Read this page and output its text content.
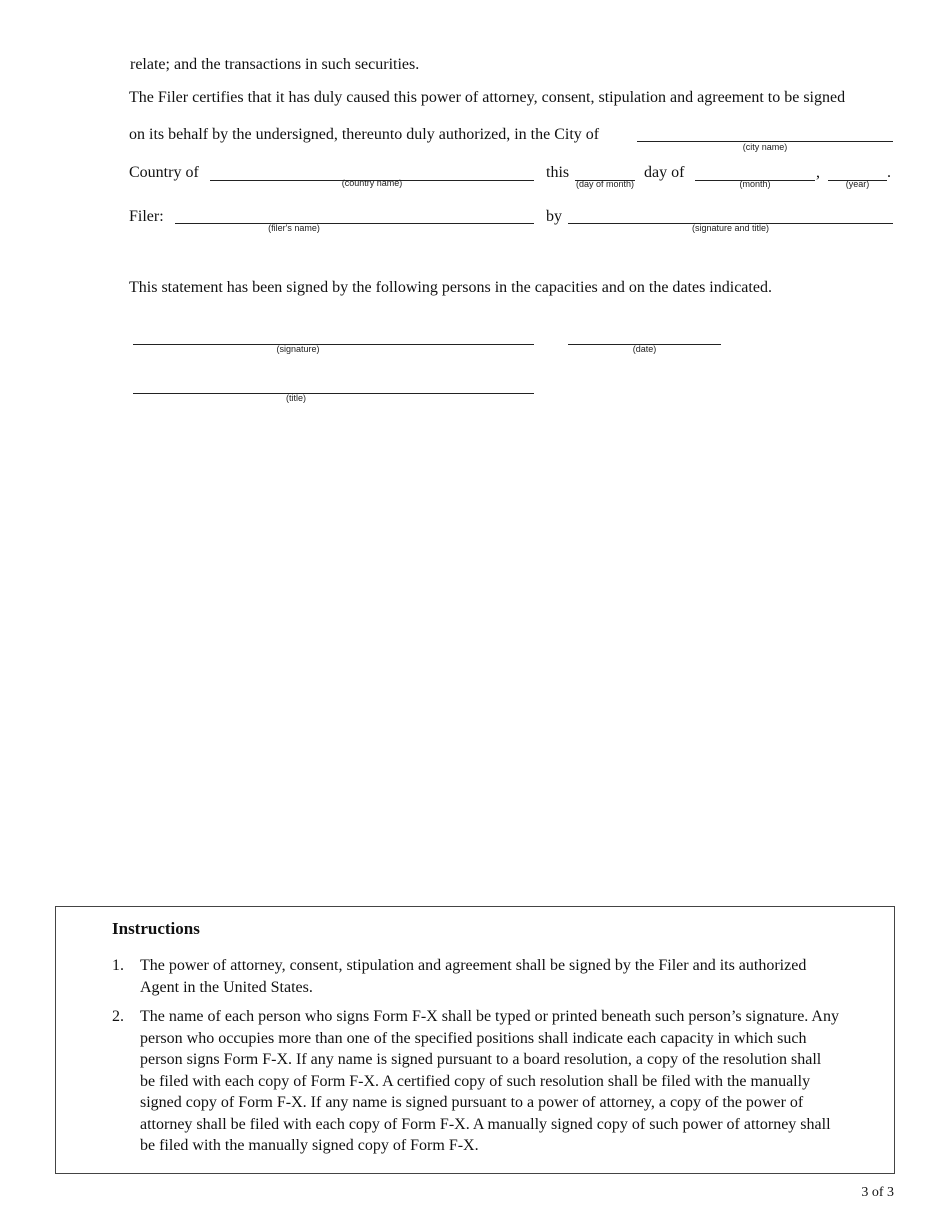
relate; and the transactions in such securities.
The Filer certifies that it has duly caused this power of attorney, consent, stipulation and agreement to be signed
on its behalf by the undersigned, thereunto duly authorized, in the City of
(city name)
Country of
(country name)
this
(day of month)
day of
(month)
,
(year)
.
Filer:
(filer's name)
by
(signature and title)
This statement has been signed by the following persons in the capacities and on the dates indicated.
(signature)	(date)
(title)
Instructions
1. The power of attorney, consent, stipulation and agreement shall be signed by the Filer and its authorized Agent in the United States.
2. The name of each person who signs Form F-X shall be typed or printed beneath such person’s signature. Any person who occupies more than one of the specified positions shall indicate each capacity in which such person signs Form F-X. If any name is signed pursuant to a board resolution, a copy of the resolution shall be filed with each copy of Form F-X. A certified copy of such resolution shall be filed with the manually signed copy of Form F-X. If any name is signed pursuant to a power of attorney, a copy of the power of attorney shall be filed with each copy of Form F-X. A manually signed copy of such power of attorney shall be filed with the manually signed copy of Form F-X.
3 of 3
